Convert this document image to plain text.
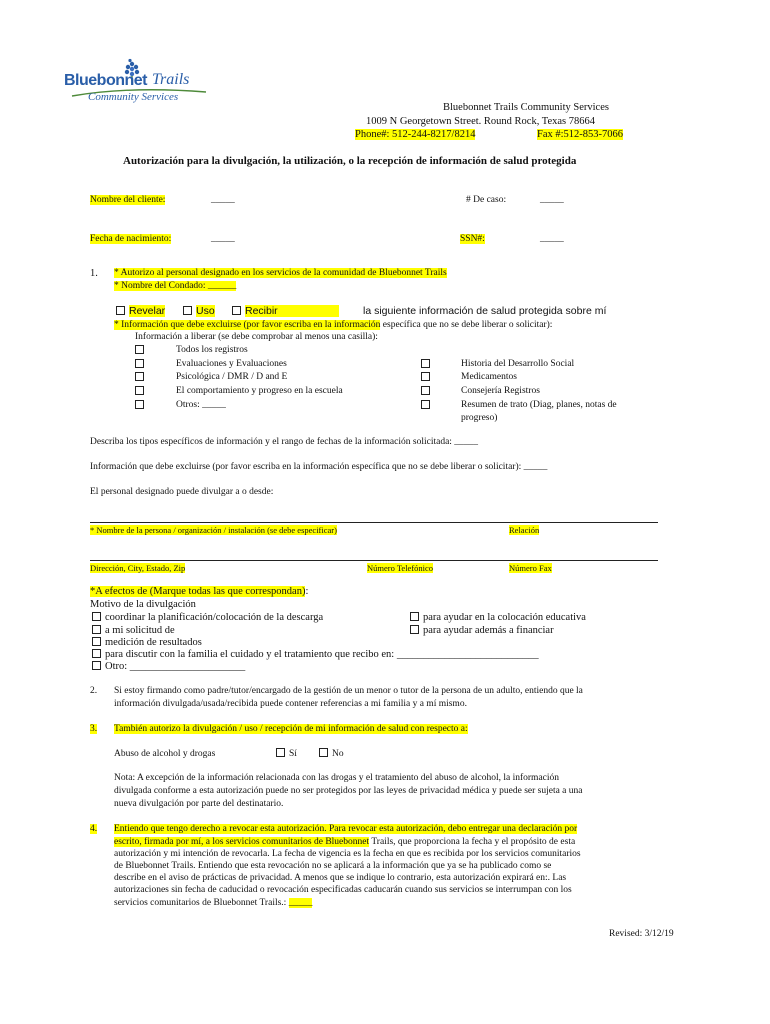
Bluebonnet Trails
Community Services
Bluebonnet Trails Community Services
1009 N Georgetown Street. Round Rock, Texas 78664
Phone#: 512-244-8217/8214	Fax #:512-853-7066
Autorización para la divulgación, la utilización, o la recepción de información de salud protegida
Nombre del cliente:	_____	# De caso:	_____
Fecha de nacimiento:	_____	SSN#:	_____
1. * Autorizo al personal designado en los servicios de la comunidad de Bluebonnet Trails
* Nombre del Condado: ______
Revelar	Uso	Recibir	la siguiente información de salud protegida sobre mí
* Información que debe excluirse (por favor escriba en la información específica que no se debe liberar o solicitar):
Información a liberar (se debe comprobar al menos una casilla):
Todos los registros
Evaluaciones y Evaluaciones
Psicológica / DMR / D and E
El comportamiento y progreso en la escuela
Otros: _____
Historia del Desarrollo Social
Medicamentos
Consejería Registros
Resumen de trato (Diag, planes, notas de
progreso)
Describa los tipos específicos de información y el rango de fechas de la información solicitada: _____
Información que debe excluirse (por favor escriba en la información específica que no se debe liberar o solicitar): _____
El personal designado puede divulgar a o desde:
* Nombre de la persona / organización / instalación (se debe especificar)	Relación
Dirección, City, Estado, Zip	Número Telefónico	Número Fax
*A efectos de (Marque todas las que correspondan):
Motivo de la divulgación
coordinar la planificación/colocación de la descarga
a mi solicitud de
medición de resultados
para discutir con la familia el cuidado y el tratamiento que recibo en: ___________________________
Otro: ______________________
para ayudar en la colocación educativa
para ayudar además a financiar
2. Si estoy firmando como padre/tutor/encargado de la gestión de un menor o tutor de la persona de un adulto, entiendo que la
información divulgada/usada/recibida puede contener referencias a mi familia y a mí mismo.
3. También autorizo la divulgación / uso / recepción de mi información de salud con respecto a:
Abuso de alcohol y drogas	Sí	No
Nota: A excepción de la información relacionada con las drogas y el tratamiento del abuso de alcohol, la información
divulgada conforme a esta autorización puede no ser protegidos por las leyes de privacidad médica y puede ser sujeta a una
nueva divulgación por parte del destinatario.
4. Entiendo que tengo derecho a revocar esta autorización. Para revocar esta autorización, debo entregar una declaración por
escrito, firmada por mí, a los servicios comunitarios de Bluebonnet Trails, que proporciona la fecha y el propósito de esta
autorización y mi intención de revocarla. La fecha de vigencia es la fecha en que es recibida por los servicios comunitarios
de Bluebonnet Trails. Entiendo que esta revocación no se aplicará a la información que ya se ha publicado como se
describe en el aviso de prácticas de privacidad. A menos que se indique lo contrario, esta autorización expirará en:. Las
autorizaciones sin fecha de caducidad o revocación especificadas caducarán cuando sus servicios se interrumpan con los
servicios comunitarios de Bluebonnet Trails.: _____
Revised: 3/12/19
